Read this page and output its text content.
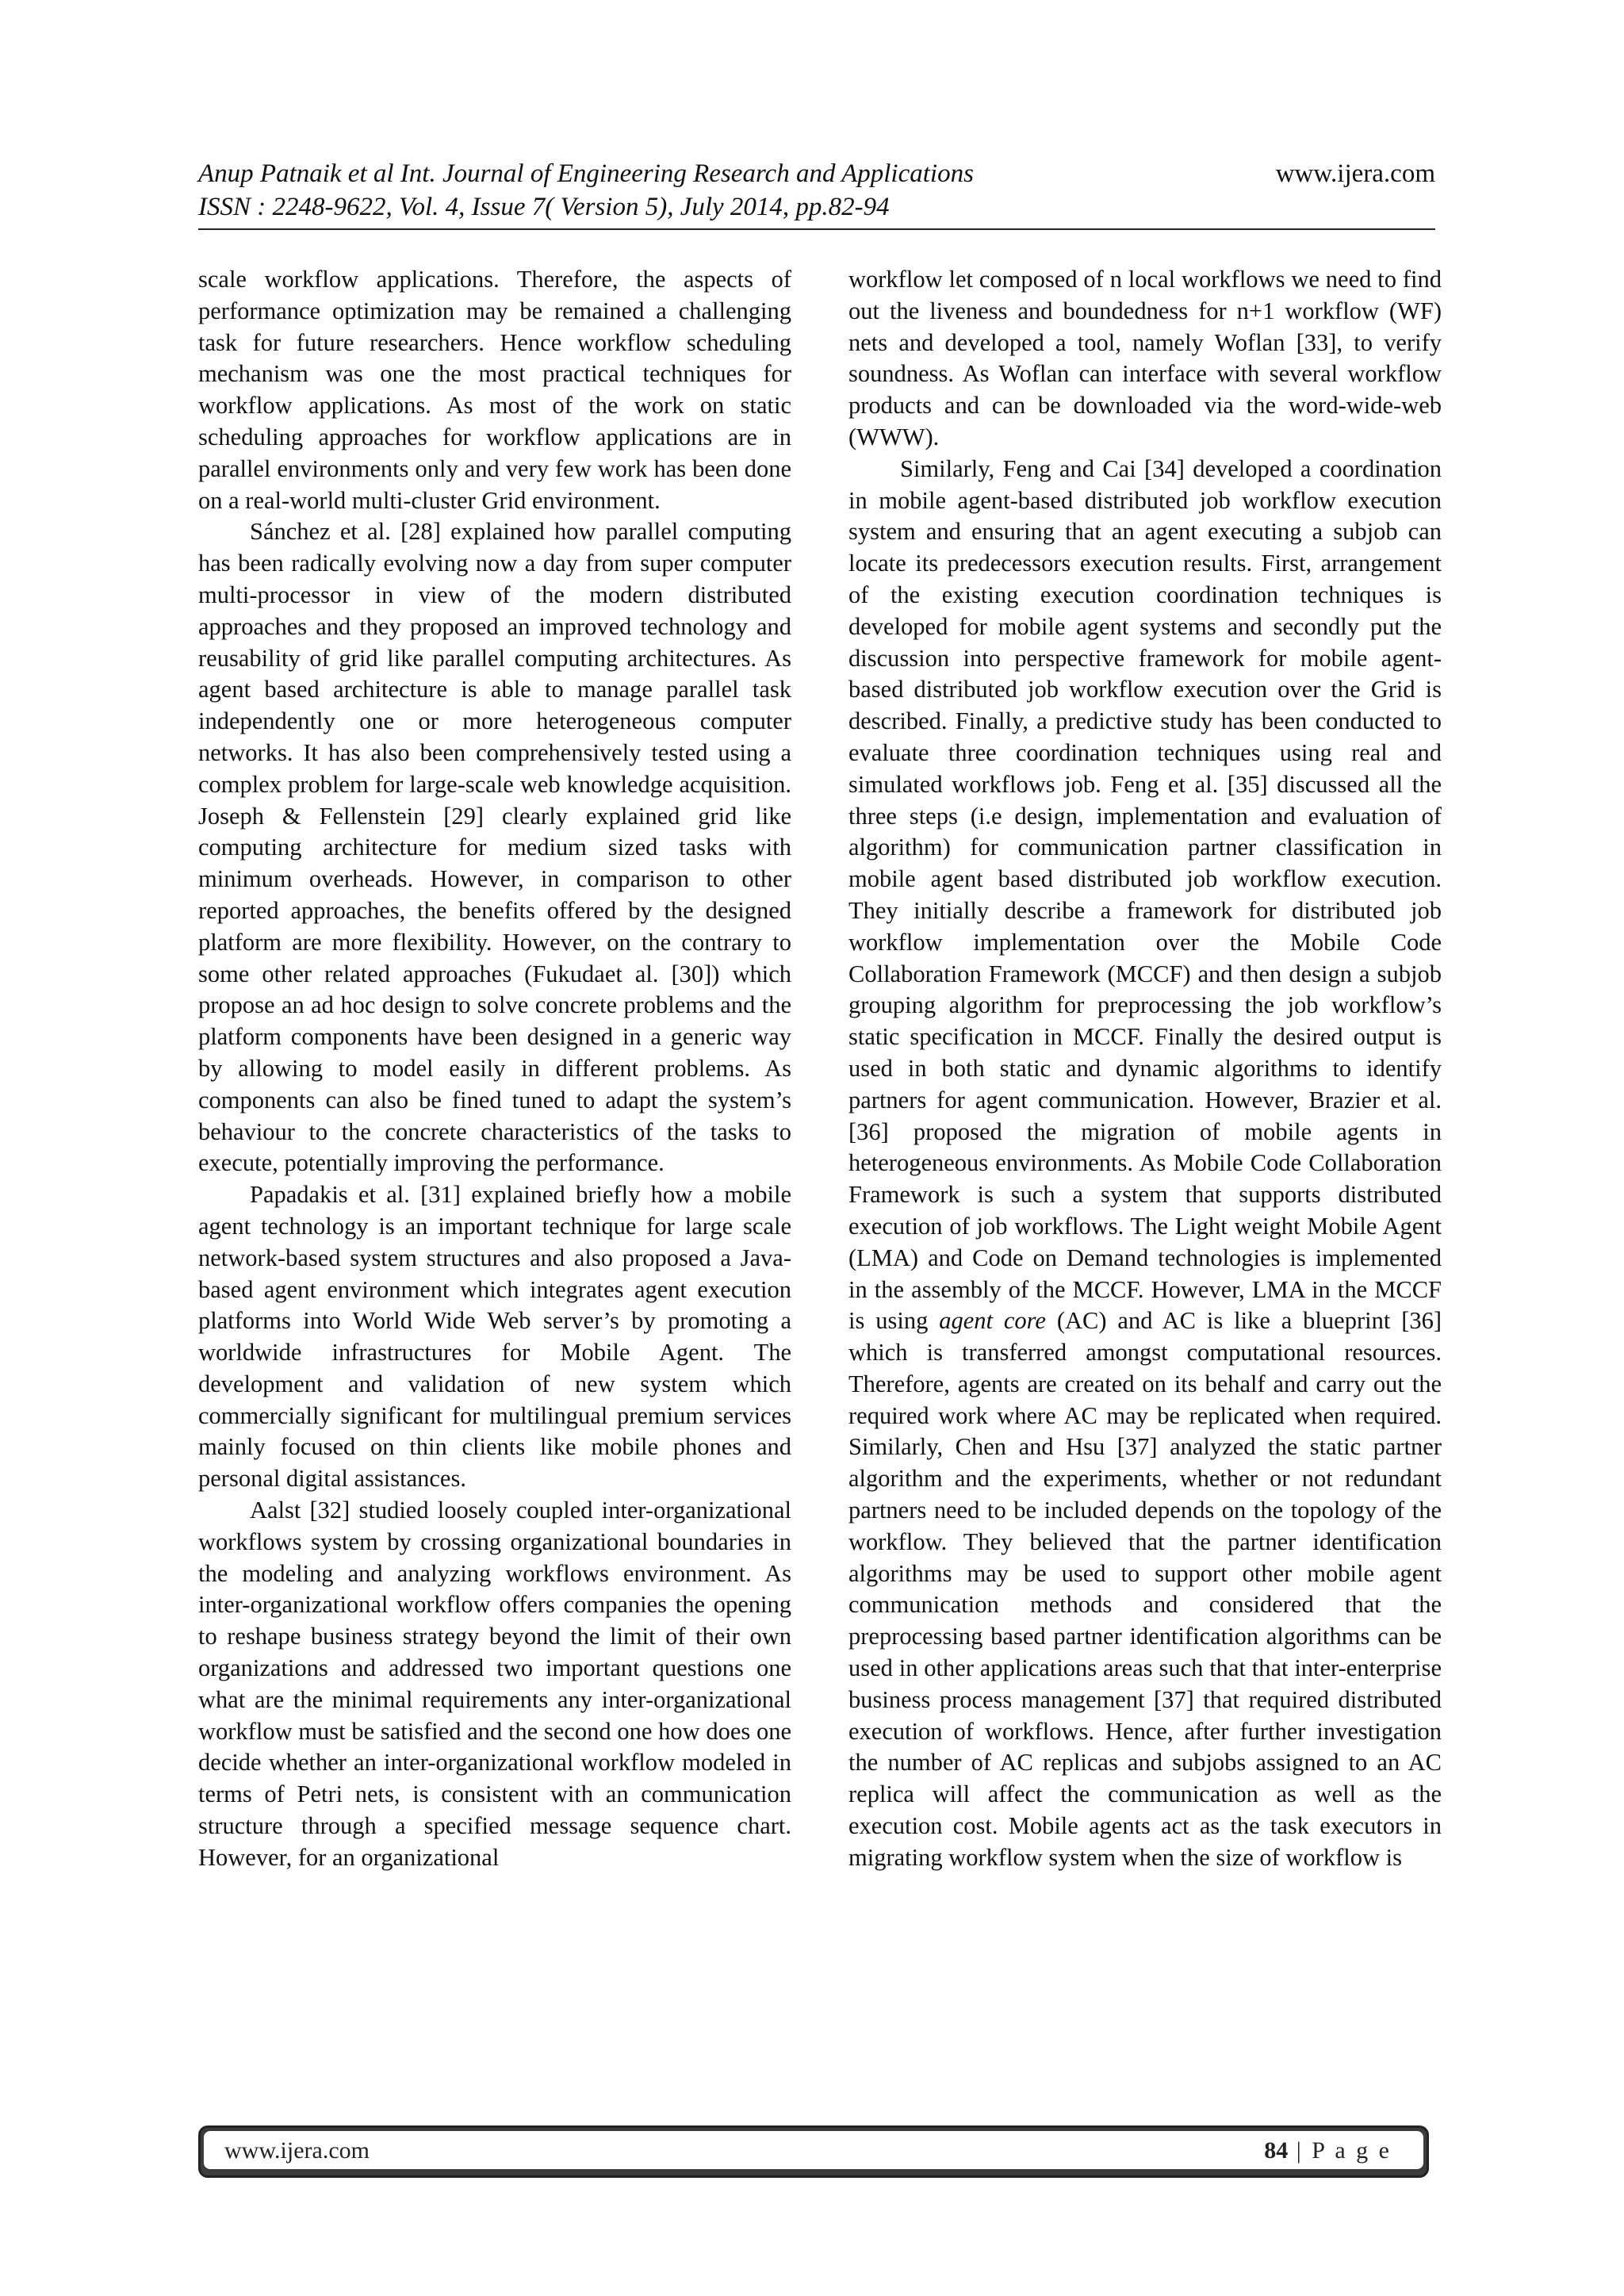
Anup Patnaik et al Int. Journal of Engineering Research and Applications
ISSN : 2248-9622, Vol. 4, Issue 7( Version 5), July 2014, pp.82-94
www.ijera.com

scale workflow applications. Therefore, the aspects of performance optimization may be remained a challenging task for future researchers. Hence workflow scheduling mechanism was one the most practical techniques for workflow applications. As most of the work on static scheduling approaches for workflow applications are in parallel environments only and very few work has been done on a real-world multi-cluster Grid environment.

Sánchez et al. [28] explained how parallel computing has been radically evolving now a day from super computer multi-processor in view of the modern distributed approaches and they proposed an improved technology and reusability of grid like parallel computing architectures. As agent based architecture is able to manage parallel task independently one or more heterogeneous computer networks. It has also been comprehensively tested using a complex problem for large-scale web knowledge acquisition. Joseph & Fellenstein [29] clearly explained grid like computing architecture for medium sized tasks with minimum overheads. However, in comparison to other reported approaches, the benefits offered by the designed platform are more flexibility. However, on the contrary to some other related approaches (Fukudaet al. [30]) which propose an ad hoc design to solve concrete problems and the platform components have been designed in a generic way by allowing to model easily in different problems. As components can also be fined tuned to adapt the system’s behaviour to the concrete characteristics of the tasks to execute, potentially improving the performance.

Papadakis et al. [31] explained briefly how a mobile agent technology is an important technique for large scale network-based system structures and also proposed a Java-based agent environment which integrates agent execution platforms into World Wide Web server’s by promoting a worldwide infrastructures for Mobile Agent. The development and validation of new system which commercially significant for multilingual premium services mainly focused on thin clients like mobile phones and personal digital assistances.

Aalst [32] studied loosely coupled inter-organizational workflows system by crossing organizational boundaries in the modeling and analyzing workflows environment. As inter-organizational workflow offers companies the opening to reshape business strategy beyond the limit of their own organizations and addressed two important questions one what are the minimal requirements any inter-organizational workflow must be satisfied and the second one how does one decide whether an inter-organizational workflow modeled in terms of Petri nets, is consistent with an communication structure through a specified message sequence chart. However, for an organizational

workflow let composed of n local workflows we need to find out the liveness and boundedness for n+1 workflow (WF) nets and developed a tool, namely Woflan [33], to verify soundness. As Woflan can interface with several workflow products and can be downloaded via the word-wide-web (WWW).

Similarly, Feng and Cai [34] developed a coordination in mobile agent-based distributed job workflow execution system and ensuring that an agent executing a subjob can locate its predecessors execution results. First, arrangement of the existing execution coordination techniques is developed for mobile agent systems and secondly put the discussion into perspective framework for mobile agent-based distributed job workflow execution over the Grid is described. Finally, a predictive study has been conducted to evaluate three coordination techniques using real and simulated workflows job. Feng et al. [35] discussed all the three steps (i.e design, implementation and evaluation of algorithm) for communication partner classification in mobile agent based distributed job workflow execution. They initially describe a framework for distributed job workflow implementation over the Mobile Code Collaboration Framework (MCCF) and then design a subjob grouping algorithm for preprocessing the job workflow’s static specification in MCCF. Finally the desired output is used in both static and dynamic algorithms to identify partners for agent communication. However, Brazier et al. [36] proposed the migration of mobile agents in heterogeneous environments. As Mobile Code Collaboration Framework is such a system that supports distributed execution of job workflows. The Light weight Mobile Agent (LMA) and Code on Demand technologies is implemented in the assembly of the MCCF. However, LMA in the MCCF is using agent core (AC) and AC is like a blueprint [36] which is transferred amongst computational resources. Therefore, agents are created on its behalf and carry out the required work where AC may be replicated when required. Similarly, Chen and Hsu [37] analyzed the static partner algorithm and the experiments, whether or not redundant partners need to be included depends on the topology of the workflow. They believed that the partner identification algorithms may be used to support other mobile agent communication methods and considered that the preprocessing based partner identification algorithms can be used in other applications areas such that that inter-enterprise business process management [37] that required distributed execution of workflows. Hence, after further investigation the number of AC replicas and subjobs assigned to an AC replica will affect the communication as well as the execution cost. Mobile agents act as the task executors in migrating workflow system when the size of workflow is

www.ijera.com	84 | P a g e
